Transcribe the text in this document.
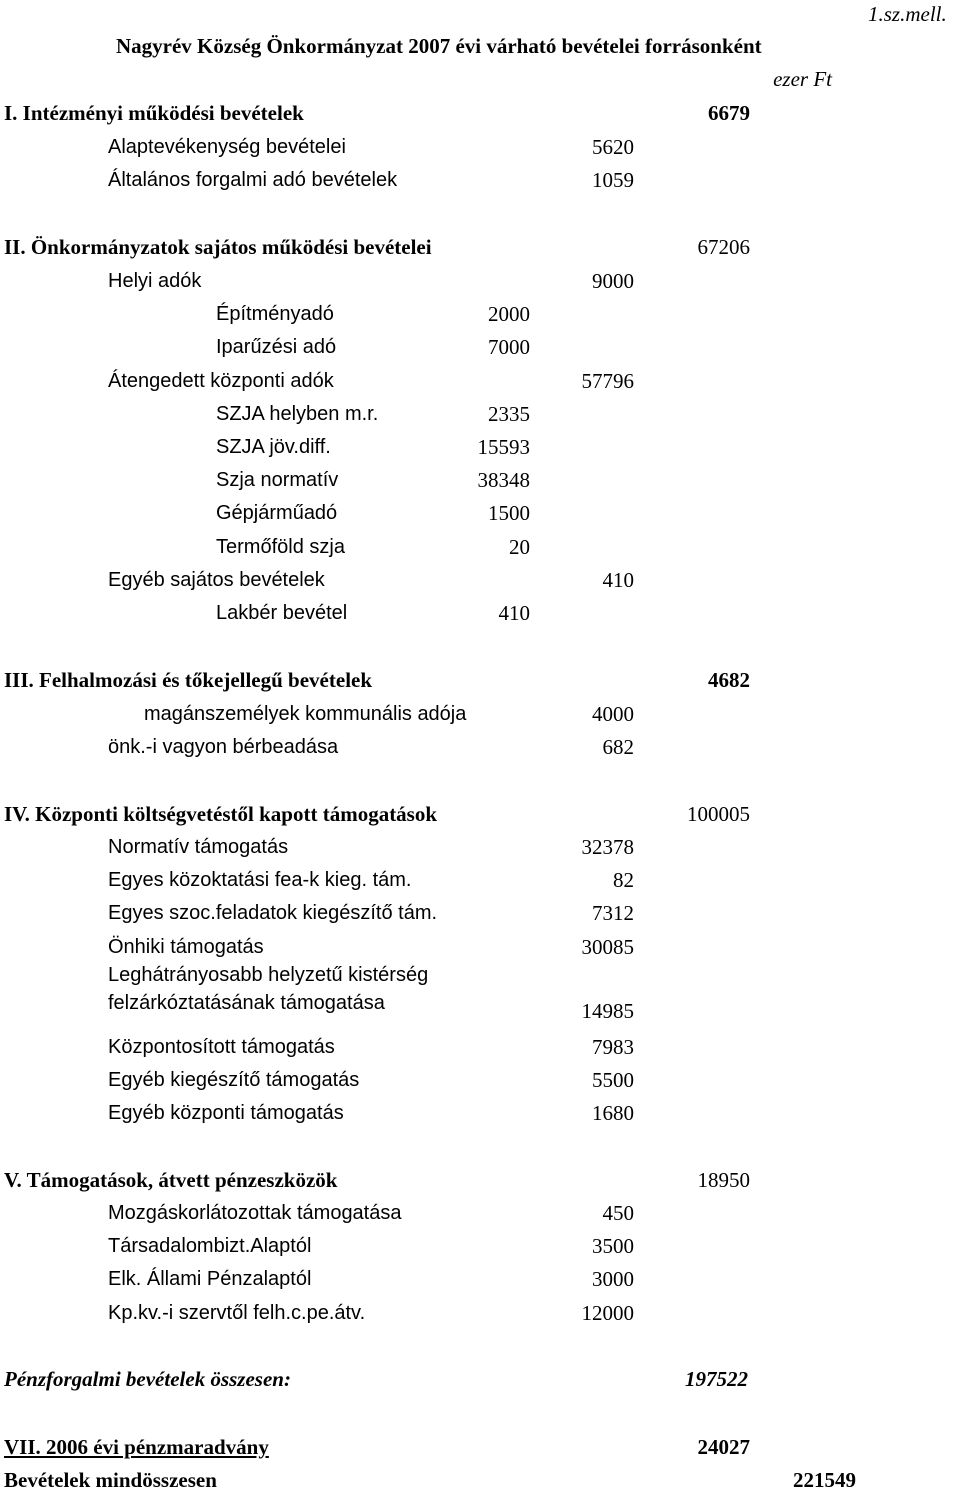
1.sz.mell.
Nagyrév Község Önkormányzat 2007 évi várható bevételei forrásonként
ezer Ft
I. Intézményi működési bevételek	6679
Alaptevékenység bevételei	5620
Általános forgalmi adó bevételek	1059
II. Önkormányzatok sajátos működési bevételei	67206
Helyi adók	9000
Építményadó	2000
Iparűzési adó	7000
Átengedett központi adók	57796
SZJA helyben m.r.	2335
SZJA jöv.diff.	15593
Szja normatív	38348
Gépjárműadó	1500
Termőföld szja	20
Egyéb sajátos bevételek	410
Lakbér bevétel	410
III. Felhalmozási és tőkejellegű bevételek	4682
magánszemélyek kommunális adója	4000
önk.-i vagyon bérbeadása	682
IV. Központi költségvetéstől kapott támogatások	100005
Normatív támogatás	32378
Egyes közoktatási fea-k kieg. tám.	82
Egyes szoc.feladatok kiegészítő tám.	7312
Önhiki támogatás	30085
Leghátrányosabb helyzetű kistérség
felzárkóztatásának támogatása	14985
Központosított támogatás	7983
Egyéb kiegészítő támogatás	5500
Egyéb központi támogatás	1680
V. Támogatások, átvett pénzeszközök	18950
Mozgáskorlátozottak támogatása	450
Társadalombizt.Alaptól	3500
Elk. Állami Pénzalaptól	3000
Kp.kv.-i szervtől felh.c.pe.átv.	12000
Pénzforgalmi bevételek összesen:	197522
VII. 2006 évi pénzmaradvány	24027
Bevételek mindösszesen	221549
